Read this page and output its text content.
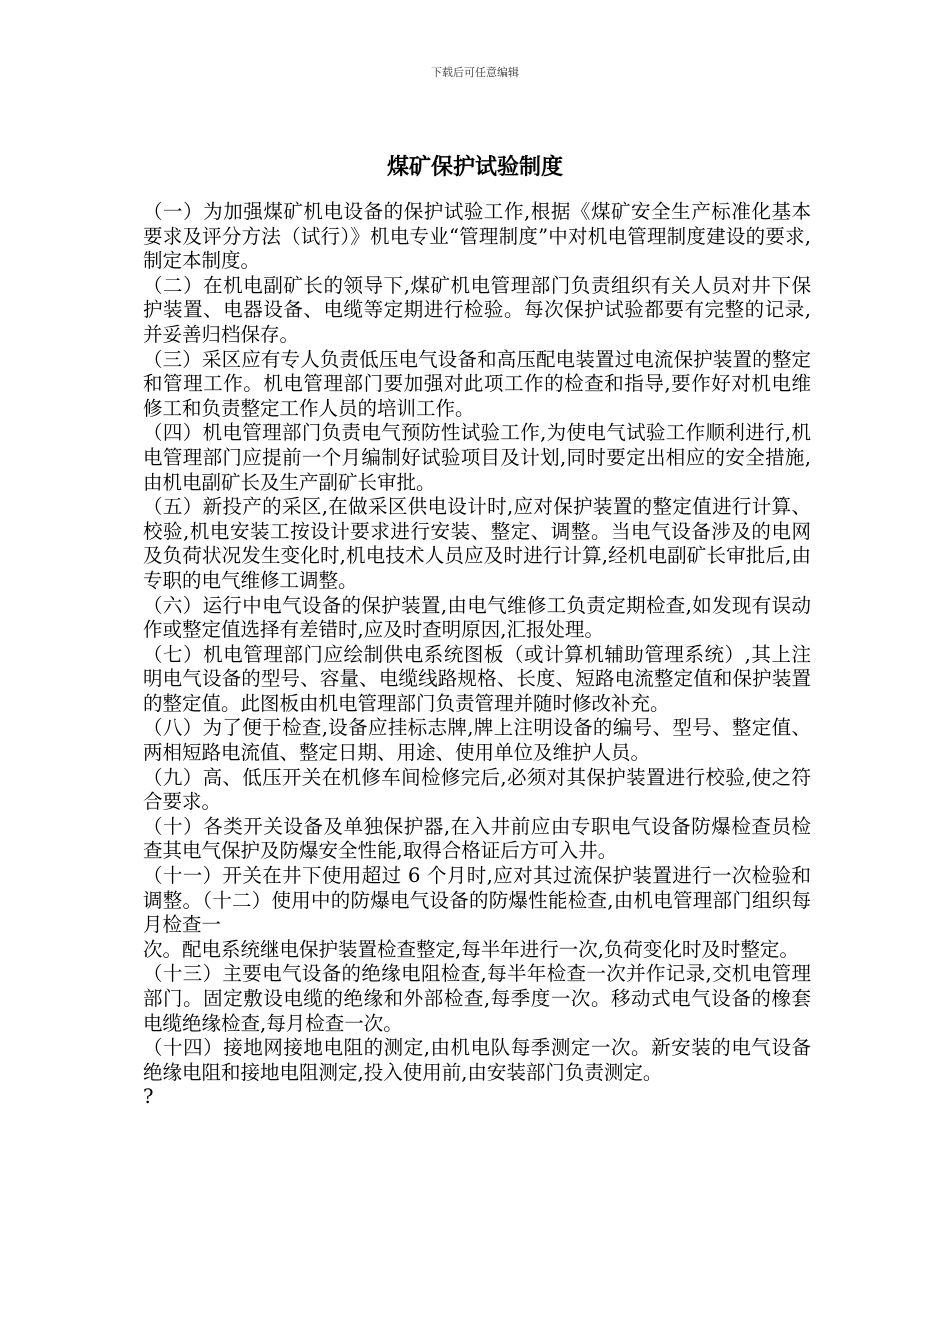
下载后可任意编辑
煤矿保护试验制度

（一）为加强煤矿机电设备的保护试验工作,根据《煤矿安全生产标准化基本要求及评分方法（试行）》机电专业“管理制度”中对机电管理制度建设的要求,制定本制度。

（二）在机电副矿长的领导下,煤矿机电管理部门负责组织有关人员对井下保护装置、电器设备、电缆等定期进行检验。每次保护试验都要有完整的记录,并妥善归档保存。

（三）采区应有专人负责低压电气设备和高压配电装置过电流保护装置的整定和管理工作。机电管理部门要加强对此项工作的检查和指导,要作好对机电维修工和负责整定工作人员的培训工作。

（四）机电管理部门负责电气预防性试验工作,为使电气试验工作顺利进行,机电管理部门应提前一个月编制好试验项目及计划,同时要定出相应的安全措施,由机电副矿长及生产副矿长审批。

（五）新投产的采区,在做采区供电设计时,应对保护装置的整定值进行计算、校验,机电安装工按设计要求进行安装、整定、调整。当电气设备涉及的电网及负荷状况发生变化时,机电技术人员应及时进行计算,经机电副矿长审批后,由专职的电气维修工调整。

（六）运行中电气设备的保护装置,由电气维修工负责定期检查,如发现有误动作或整定值选择有差错时,应及时查明原因,汇报处理。

（七）机电管理部门应绘制供电系统图板（或计算机辅助管理系统）,其上注明电气设备的型号、容量、电缆线路规格、长度、短路电流整定值和保护装置的整定值。此图板由机电管理部门负责管理并随时修改补充。

（八）为了便于检查,设备应挂标志牌,牌上注明设备的编号、型号、整定值、两相短路电流值、整定日期、用途、使用单位及维护人员。

（九）高、低压开关在机修车间检修完后,必须对其保护装置进行校验,使之符合要求。

（十）各类开关设备及单独保护器,在入井前应由专职电气设备防爆检查员检查其电气保护及防爆安全性能,取得合格证后方可入井。

（十一）开关在井下使用超过 6 个月时,应对其过流保护装置进行一次检验和调整。（十二）使用中的防爆电气设备的防爆性能检查,由机电管理部门组织每月检查一

次。配电系统继电保护装置检查整定,每半年进行一次,负荷变化时及时整定。

（十三）主要电气设备的绝缘电阻检查,每半年检查一次并作记录,交机电管理部门。固定敷设电缆的绝缘和外部检查,每季度一次。移动式电气设备的橡套电缆绝缘检查,每月检查一次。

（十四）接地网接地电阻的测定,由机电队每季测定一次。新安装的电气设备绝缘电阻和接地电阻测定,投入使用前,由安装部门负责测定。

?
